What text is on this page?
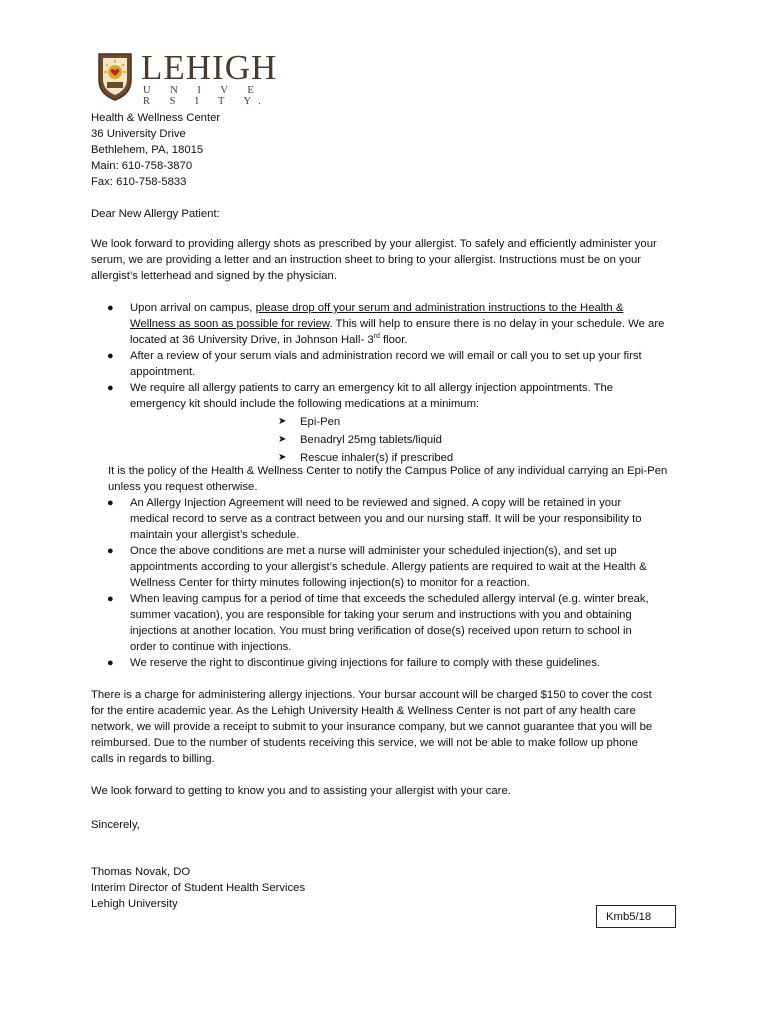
LEHIGH
U N I V E R S I T Y.
Health & Wellness Center
36 University Drive
Bethlehem, PA, 18015
Main: 610-758-3870
Fax: 610-758-5833
Dear New Allergy Patient:
We look forward to providing allergy shots as prescribed by your allergist. To safely and efficiently administer your
serum, we are providing a letter and an instruction sheet to bring to your allergist. Instructions must be on your
allergist’s letterhead and signed by the physician.
● Upon arrival on campus, please drop off your serum and administration instructions to the Health &
Wellness as soon as possible for review. This will help to ensure there is no delay in your schedule. We are
located at 36 University Drive, in Johnson Hall- 3rd floor.
● After a review of your serum vials and administration record we will email or call you to set up your first
appointment.
● We require all allergy patients to carry an emergency kit to all allergy injection appointments. The
emergency kit should include the following medications at a minimum:
➤ Epi-Pen
➤ Benadryl 25mg tablets/liquid
➤ Rescue inhaler(s) if prescribed
It is the policy of the Health & Wellness Center to notify the Campus Police of any individual carrying an Epi-Pen
unless you request otherwise.
● An Allergy Injection Agreement will need to be reviewed and signed. A copy will be retained in your
medical record to serve as a contract between you and our nursing staff. It will be your responsibility to
maintain your allergist’s schedule.
● Once the above conditions are met a nurse will administer your scheduled injection(s), and set up
appointments according to your allergist’s schedule. Allergy patients are required to wait at the Health &
Wellness Center for thirty minutes following injection(s) to monitor for a reaction.
● When leaving campus for a period of time that exceeds the scheduled allergy interval (e.g. winter break,
summer vacation), you are responsible for taking your serum and instructions with you and obtaining
injections at another location. You must bring verification of dose(s) received upon return to school in
order to continue with injections.
● We reserve the right to discontinue giving injections for failure to comply with these guidelines.
There is a charge for administering allergy injections. Your bursar account will be charged $150 to cover the cost
for the entire academic year. As the Lehigh University Health & Wellness Center is not part of any health care
network, we will provide a receipt to submit to your insurance company, but we cannot guarantee that you will be
reimbursed. Due to the number of students receiving this service, we will not be able to make follow up phone
calls in regards to billing.
We look forward to getting to know you and to assisting your allergist with your care.
Sincerely,
Thomas Novak, DO
Interim Director of Student Health Services
Lehigh University
Kmb5/18
